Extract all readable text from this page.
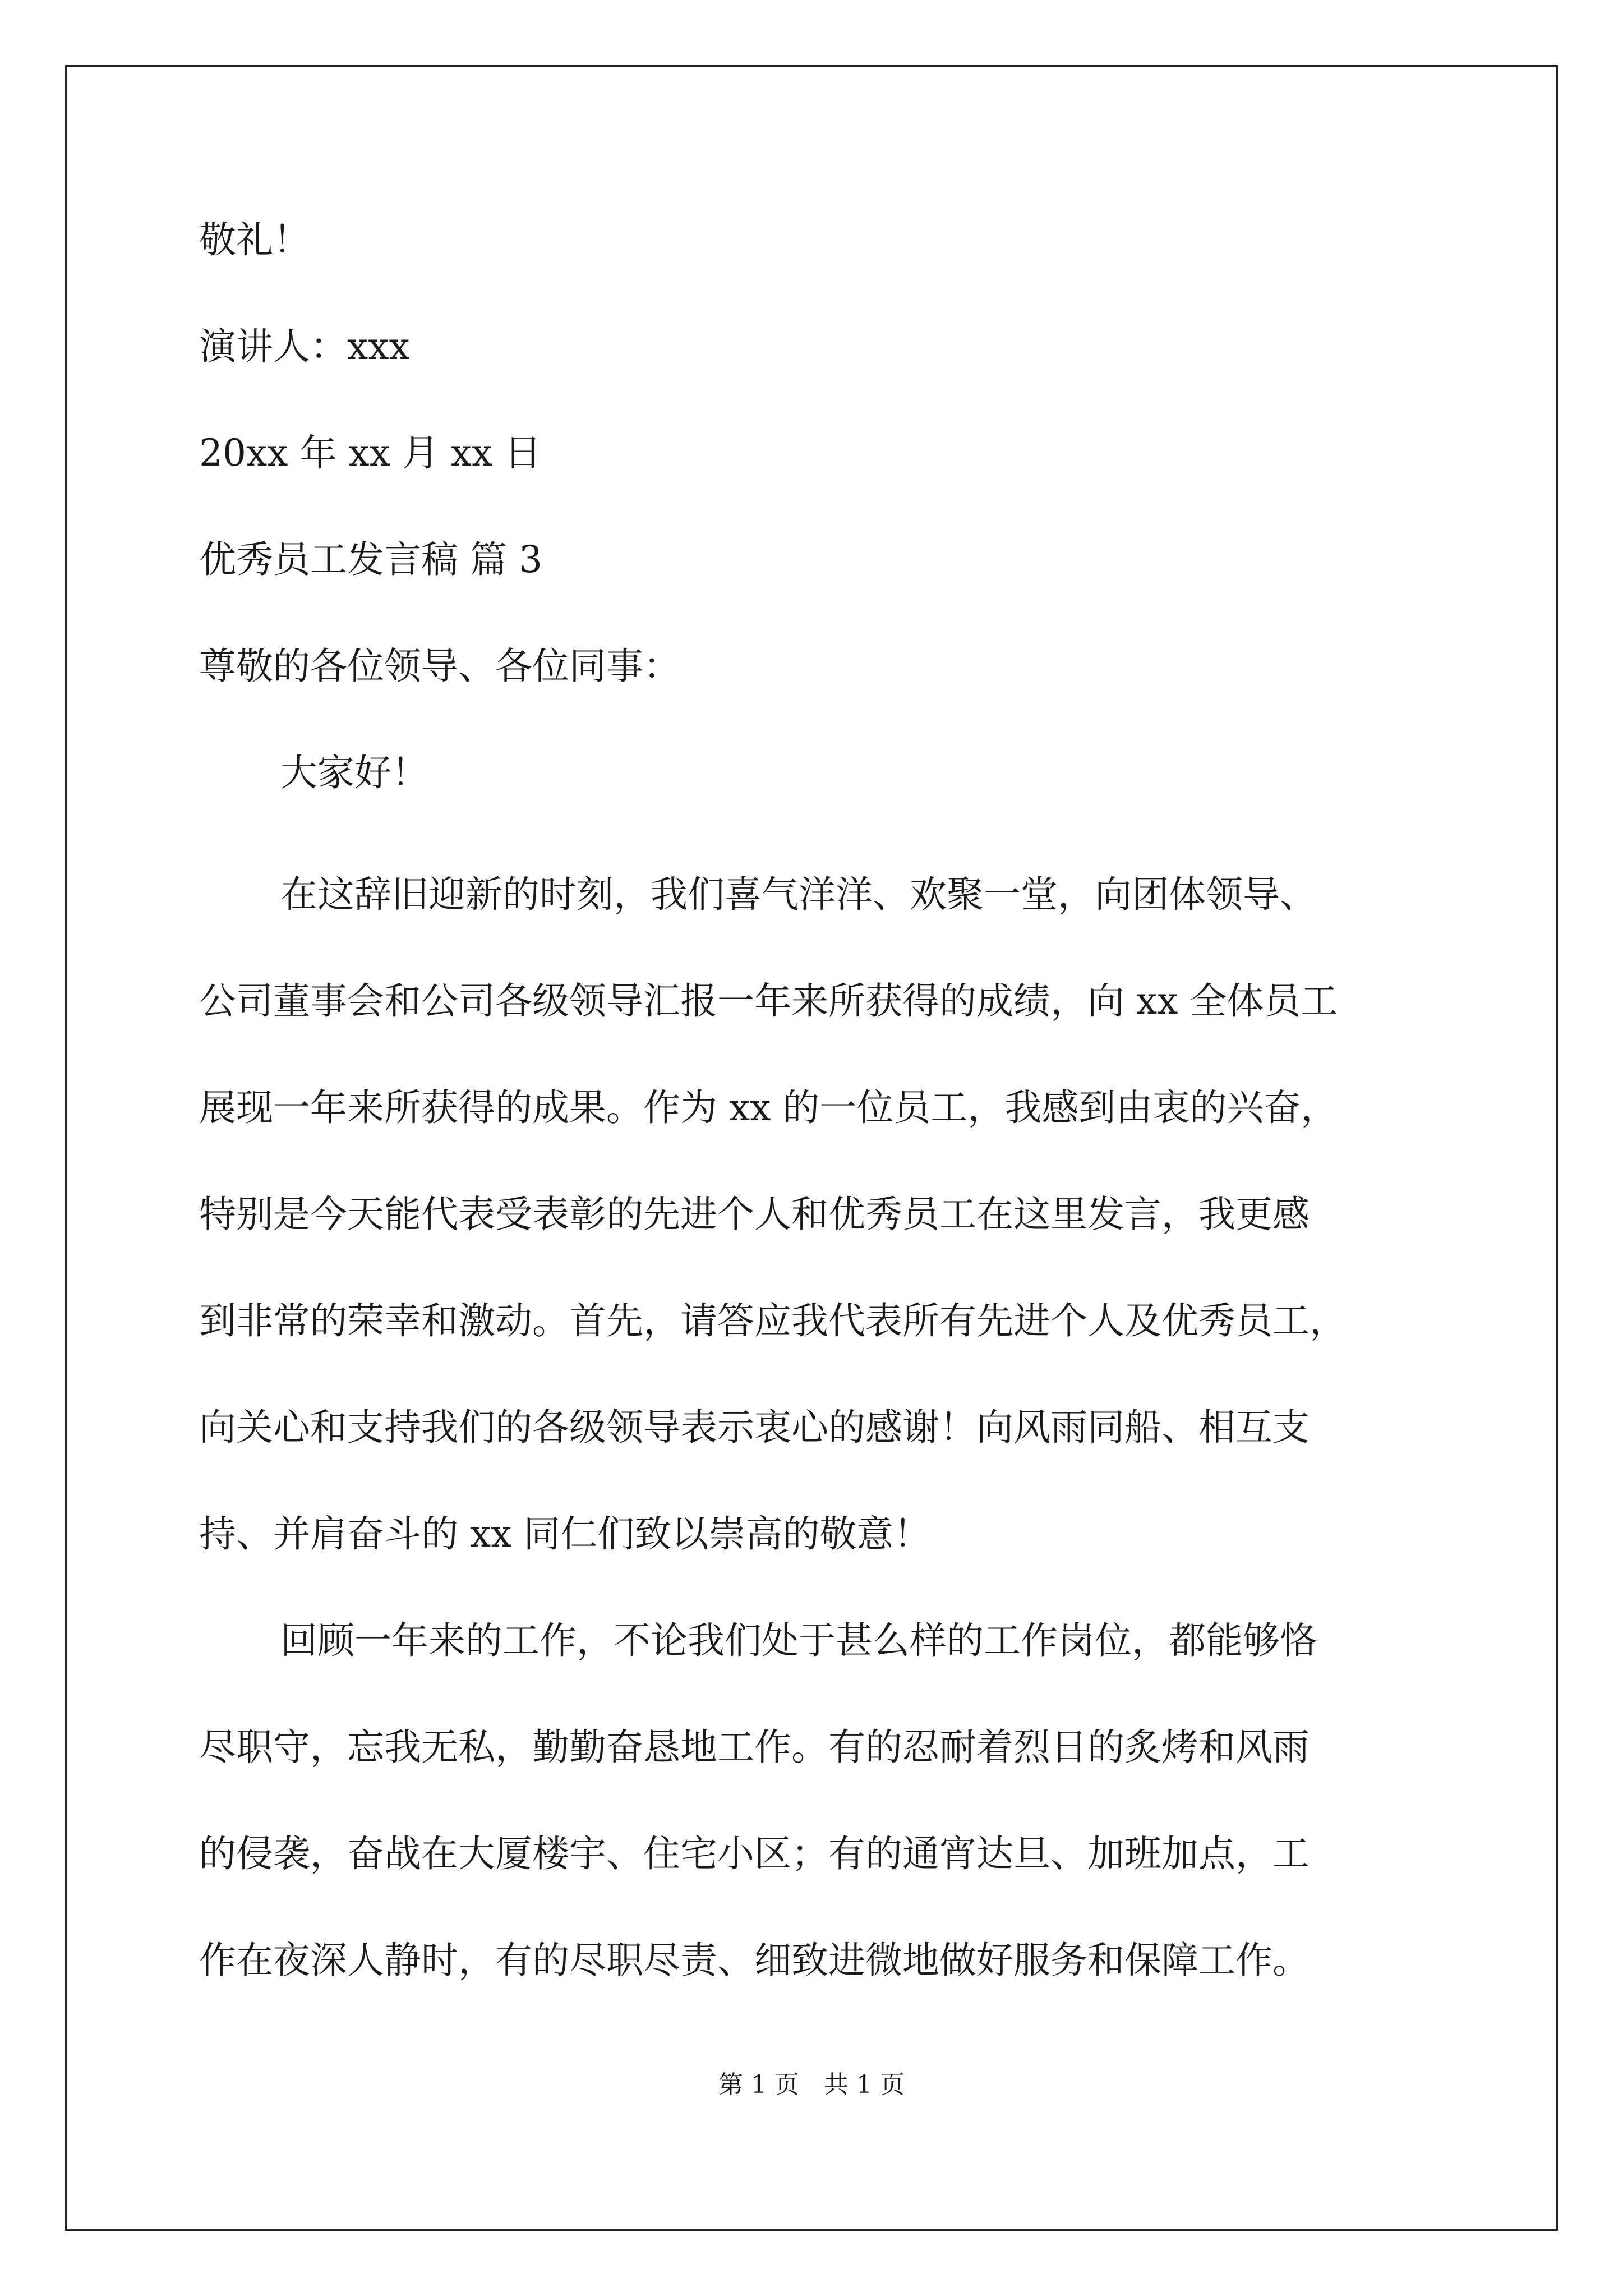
敬礼！

演讲人：xxx

20xx 年 xx 月 xx 日

优秀员工发言稿 篇 3

尊敬的各位领导、各位同事：

大家好！

在这辞旧迎新的时刻，我们喜气洋洋、欢聚一堂，向团体领导、
公司董事会和公司各级领导汇报一年来所获得的成绩，向 xx 全体员工
展现一年来所获得的成果。作为 xx 的一位员工，我感到由衷的兴奋，
特别是今天能代表受表彰的先进个人和优秀员工在这里发言，我更感
到非常的荣幸和激动。首先，请答应我代表所有先进个人及优秀员工，
向关心和支持我们的各级领导表示衷心的感谢！向风雨同船、相互支
持、并肩奋斗的 xx 同仁们致以崇高的敬意！
回顾一年来的工作，不论我们处于甚么样的工作岗位，都能够恪
尽职守，忘我无私，勤勤奋恳地工作。有的忍耐着烈日的炙烤和风雨
的侵袭，奋战在大厦楼宇、住宅小区；有的通宵达旦、加班加点，工
作在夜深人静时，有的尽职尽责、细致进微地做好服务和保障工作。
第 1 页　共 1 页
